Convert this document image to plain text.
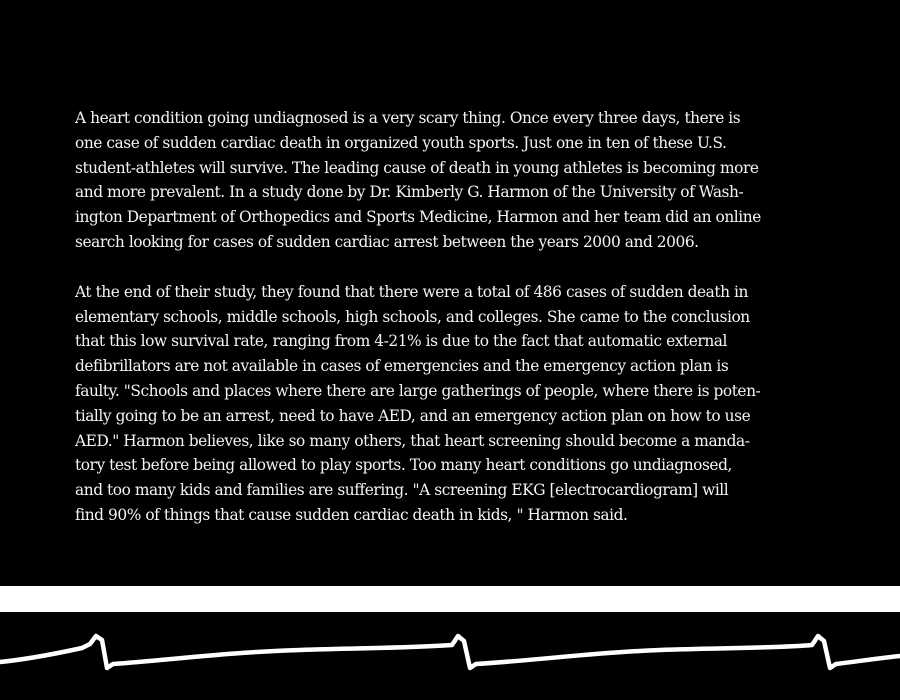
A heart condition going undiagnosed is a very scary thing. Once every three days, there is
one case of sudden cardiac death in organized youth sports. Just one in ten of these U.S.
student-athletes will survive. The leading cause of death in young athletes is becoming more
and more prevalent. In a study done by Dr. Kimberly G. Harmon of the University of Wash-
ington Department of Orthopedics and Sports Medicine, Harmon and her team did an online
search looking for cases of sudden cardiac arrest between the years 2000 and 2006.

At the end of their study, they found that there were a total of 486 cases of sudden death in
elementary schools, middle schools, high schools, and colleges. She came to the conclusion
that this low survival rate, ranging from 4-21% is due to the fact that automatic external
defibrillators are not available in cases of emergencies and the emergency action plan is
faulty. "Schools and places where there are large gatherings of people, where there is poten-
tially going to be an arrest, need to have AED, and an emergency action plan on how to use
AED." Harmon believes, like so many others, that heart screening should become a manda-
tory test before being allowed to play sports. Too many heart conditions go undiagnosed,
and too many kids and families are suffering. "A screening EKG [electrocardiogram] will
find 90% of things that cause sudden cardiac death in kids, " Harmon said.
